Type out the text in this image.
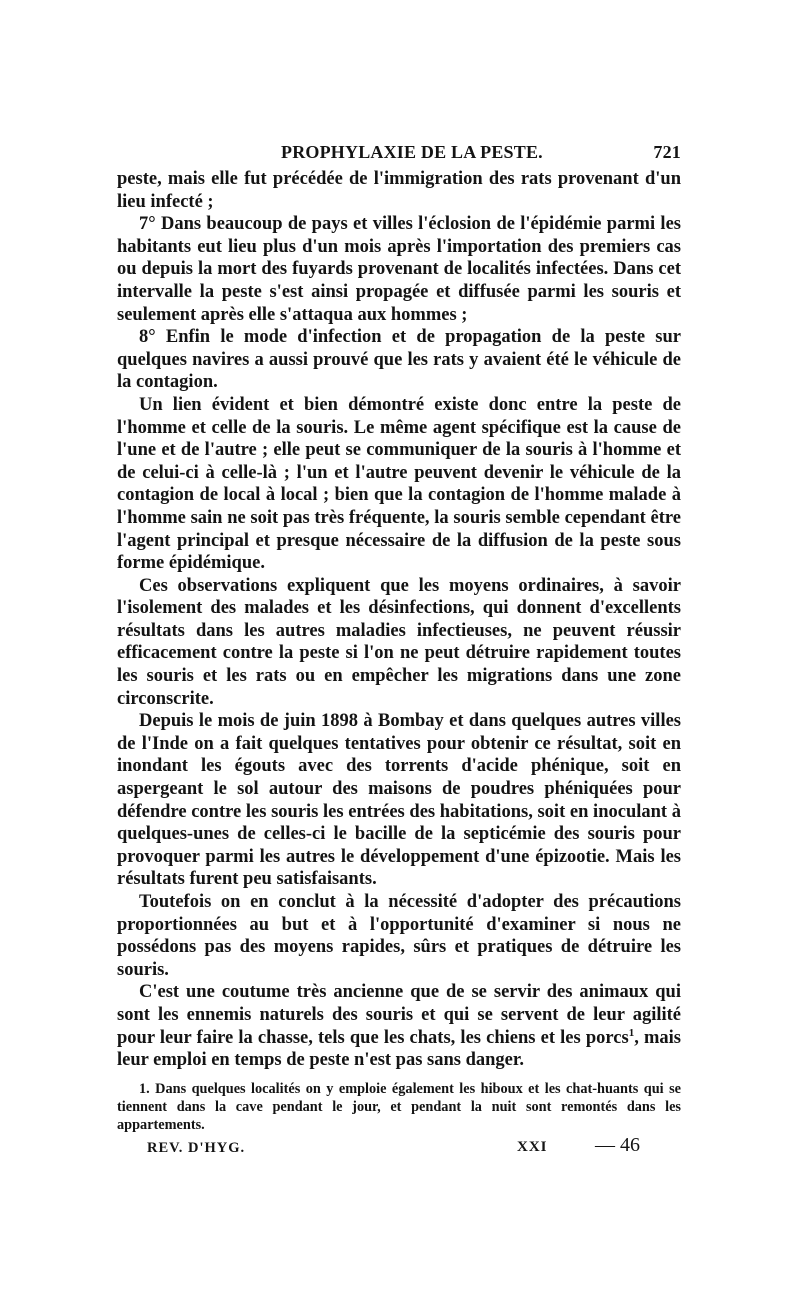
PROPHYLAXIE DE LA PESTE.	721

peste, mais elle fut précédée de l'immigration des rats provenant d'un lieu infecté ;

7° Dans beaucoup de pays et villes l'éclosion de l'épidémie parmi les habitants eut lieu plus d'un mois après l'importation des premiers cas ou depuis la mort des fuyards provenant de localités infectées. Dans cet intervalle la peste s'est ainsi propagée et diffusée parmi les souris et seulement après elle s'attaqua aux hommes ;

8° Enfin le mode d'infection et de propagation de la peste sur quelques navires a aussi prouvé que les rats y avaient été le véhicule de la contagion.

Un lien évident et bien démontré existe donc entre la peste de l'homme et celle de la souris. Le même agent spécifique est la cause de l'une et de l'autre ; elle peut se communiquer de la souris à l'homme et de celui-ci à celle-là ; l'un et l'autre peuvent devenir le véhicule de la contagion de local à local ; bien que la contagion de l'homme malade à l'homme sain ne soit pas très fréquente, la souris semble cependant être l'agent principal et presque nécessaire de la diffusion de la peste sous forme épidémique.

Ces observations expliquent que les moyens ordinaires, à savoir l'isolement des malades et les désinfections, qui donnent d'excellents résultats dans les autres maladies infectieuses, ne peuvent réussir efficacement contre la peste si l'on ne peut détruire rapidement toutes les souris et les rats ou en empêcher les migrations dans une zone circonscrite.

Depuis le mois de juin 1898 à Bombay et dans quelques autres villes de l'Inde on a fait quelques tentatives pour obtenir ce résultat, soit en inondant les égouts avec des torrents d'acide phénique, soit en aspergeant le sol autour des maisons de poudres phéniquées pour défendre contre les souris les entrées des habitations, soit en inoculant à quelques-unes de celles-ci le bacille de la septicémie des souris pour provoquer parmi les autres le développement d'une épizootie. Mais les résultats furent peu satisfaisants.

Toutefois on en conclut à la nécessité d'adopter des précautions proportionnées au but et à l'opportunité d'examiner si nous ne possédons pas des moyens rapides, sûrs et pratiques de détruire les souris.

C'est une coutume très ancienne que de se servir des animaux qui sont les ennemis naturels des souris et qui se servent de leur agilité pour leur faire la chasse, tels que les chats, les chiens et les porcs$^1$, mais leur emploi en temps de peste n'est pas sans danger.

1. Dans quelques localités on y emploie également les hiboux et les chat-huants qui se tiennent dans la cave pendant le jour, et pendant la nuit sont remontés dans les appartements.
REV. D'HYG.	XXI — 46
